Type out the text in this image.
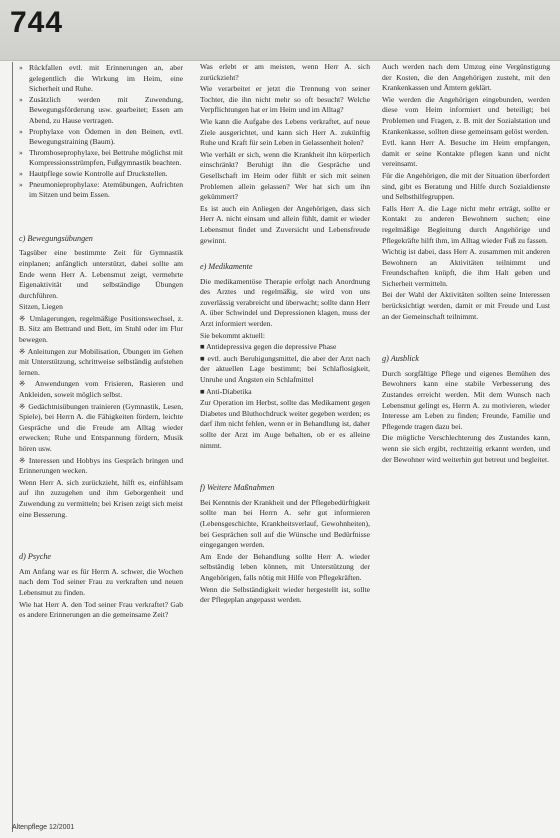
744

» Rückfallen evtl. mit Erinnerungen an, aber gelegentlich die Wirkung im Heim, eine Sicherheit und Ruhe.

» Zusätzlich werden mit Zuwendung, Bewegungsförderung usw. gearbeitet; Essen am Abend, zu Hause vertragen.

» Prophylaxe von Ödemen in den Beinen, evtl. Bewegungstraining (Baum).

» Thromboseprophylaxe, bei Bettruhe möglichst mit Kompressionsstrümpfen, Fußgymnastik beachten.

» Hautpflege sowie Kontrolle auf Druckstellen.

» Pneumonieprophylaxe: Atemübungen, Aufrichten im Sitzen und beim Essen.

c) Bewegungsübungen

Tagsüber eine bestimmte Zeit für Gymnastik einplanen; anfänglich unterstützt, dabei sollte am Ende wenn Herr A. Lebensmut zeigt, vermehrte Eigenaktivität und selbständige Übungen durchführen.

Sitzen, Liegen

※ Umlagerungen, regelmäßige Positionswechsel, z. B. Sitz am Bettrand und Bett, im Stuhl oder im Flur bewegen.

※ Anleitungen zur Mobilisation, Übungen im Gehen mit Unterstützung, schrittweise selbständig aufstehen lernen.

※ Anwendungen vom Frisieren, Rasieren und Ankleiden, soweit möglich selbst.

※ Gedächtnisübungen trainieren (Gymnastik, Lesen, Spiele), bei Herrn A. die Fähigkeiten fördern, leichte Gespräche und die Freude am Alltag wieder erwecken; Ruhe und Entspannung fördern, Musik hören usw.

※ Interessen und Hobbys ins Gespräch bringen und Erinnerungen wecken.

Wenn Herr A. sich zurückzieht, hilft es, einfühlsam auf ihn zuzugehen und ihm Geborgenheit und Zuwendung zu vermitteln; bei Krisen zeigt sich meist eine Besserung.

d) Psyche

Am Anfang war es für Herrn A. schwer, die Wochen nach dem Tod seiner Frau zu verkraften und neuen Lebensmut zu finden.

Wie hat Herr A. den Tod seiner Frau verkraftet? Gab es andere Erinnerungen an die gemeinsame Zeit?

Was erlebt er am meisten, wenn Herr A. sich zurückzieht?

Wie verarbeitet er jetzt die Trennung von seiner Tochter, die ihn nicht mehr so oft besucht? Welche Verpflichtungen hat er im Heim und im Alltag?

Wie kann die Aufgabe des Lebens verkraftet, auf neue Ziele ausgerichtet, und kann sich Herr A. zukünftig Ruhe und Kraft für sein Leben in Gelassenheit holen?

Wie verhält er sich, wenn die Krankheit ihn körperlich einschränkt? Beruhigt ihn die Gespräche und Gesellschaft im Heim oder fühlt er sich mit seinen Problemen allein gelassen? Wer hat sich um ihn gekümmert?

Es ist auch ein Anliegen der Angehörigen, dass sich Herr A. nicht einsam und allein fühlt, damit er wieder Lebensmut findet und Zuversicht und Lebensfreude gewinnt.

e) Medikamente

Die medikamentöse Therapie erfolgt nach Anordnung des Arztes und regelmäßig, sie wird von uns zuverlässig verabreicht und überwacht; sollte dann Herr A. über Schwindel und Depressionen klagen, muss der Arzt informiert werden.

Sie bekommt aktuell:

■ Antidepressiva gegen die depressive Phase

■ evtl. auch Beruhigungsmittel, die aber der Arzt nach der aktuellen Lage bestimmt; bei Schlaflosigkeit, Unruhe und Ängsten ein Schlafmittel

■ Anti-Diabetika

Zur Operation im Herbst, sollte das Medikament gegen Diabetes und Bluthochdruck weiter gegeben werden; es darf ihm nicht fehlen, wenn er in Behandlung ist, daher sollte der Arzt im Auge behalten, ob er es alleine nimmt.

f) Weitere Maßnahmen

Bei Kenntnis der Krankheit und der Pflegebedürftigkeit sollte man bei Herrn A. sehr gut informieren (Lebensgeschichte, Krankheitsverlauf, Gewohnheiten), bei Gesprächen soll auf die Wünsche und Bedürfnisse eingegangen werden.

Am Ende der Behandlung sollte Herr A. wieder selbständig leben können, mit Unterstützung der Angehörigen, falls nötig mit Hilfe von Pflegekräften.

Wenn die Selbständigkeit wieder hergestellt ist, sollte der Pflegeplan angepasst werden.

Auch werden nach dem Umzug eine Vergünstigung der Kosten, die den Angehörigen zusteht, mit den Krankenkassen und Ämtern geklärt.

Wie werden die Angehörigen eingebunden, werden diese vom Heim informiert und beteiligt; bei Problemen und Fragen, z. B. mit der Sozialstation und Krankenkasse, sollten diese gemeinsam gelöst werden.

Evtl. kann Herr A. Besuche im Heim empfangen, damit er seine Kontakte pflegen kann und nicht vereinsamt.

Für die Angehörigen, die mit der Situation überfordert sind, gibt es Beratung und Hilfe durch Sozialdienste und Selbsthilfegruppen.

Falls Herr A. die Lage nicht mehr erträgt, sollte er Kontakt zu anderen Bewohnern suchen; eine regelmäßige Begleitung durch Angehörige und Pflegekräfte hilft ihm, im Alltag wieder Fuß zu fassen.

Wichtig ist dabei, dass Herr A. zusammen mit anderen Bewohnern an Aktivitäten teilnimmt und Freundschaften knüpft, die ihm Halt geben und Sicherheit vermitteln.

Bei der Wahl der Aktivitäten sollten seine Interessen berücksichtigt werden, damit er mit Freude und Lust an der Gemeinschaft teilnimmt.

g) Ausblick

Durch sorgfältige Pflege und eigenes Bemühen des Bewohners kann eine stabile Verbesserung des Zustandes erreicht werden. Mit dem Wunsch nach Lebensmut gelingt es, Herrn A. zu motivieren, wieder Interesse am Leben zu finden; Freunde, Familie und Pflegende tragen dazu bei.

Die mögliche Verschlechterung des Zustandes kann, wenn sie sich ergibt, rechtzeitig erkannt werden, und der Bewohner wird weiterhin gut betreut und begleitet.

Altenpflege 12/2001
